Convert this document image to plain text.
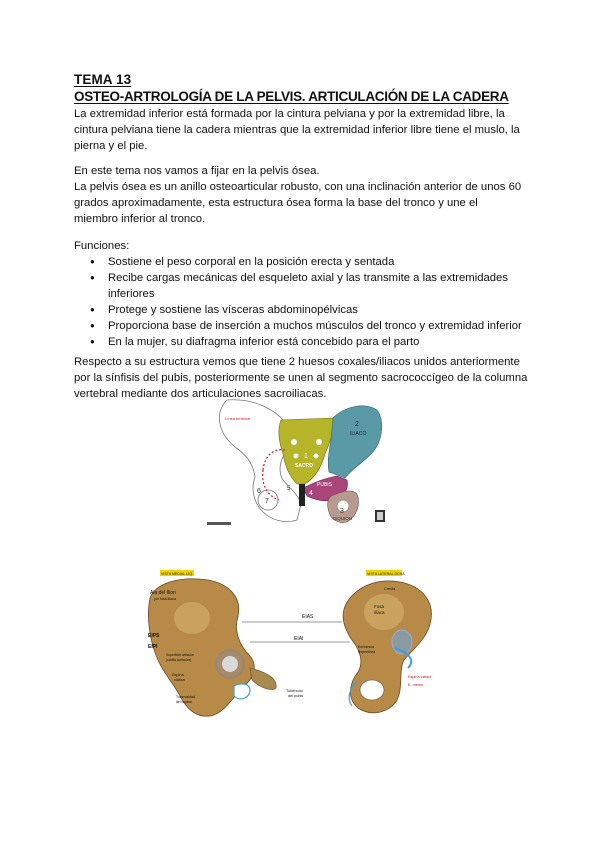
TEMA 13
OSTEO-ARTROLOGÍA DE LA PELVIS. ARTICULACIÓN DE LA CADERA
La extremidad inferior está formada por la cintura pelviana y por la extremidad libre, la cintura pelviana tiene la cadera mientras que la extremidad inferior libre tiene el muslo, la pierna y el pie.
En este tema nos vamos a fijar en la pelvis ósea.
La pelvis ósea es un anillo osteoarticular robusto, con una inclinación anterior de unos 60 grados aproximadamente, esta estructura ósea forma la base del tronco y une el miembro inferior al tronco.
Funciones:
● Sostiene el peso corporal en la posición erecta y sentada
● Recibe cargas mecánicas del esqueleto axial y las transmite a las extremidades inferiores
● Protege y sostiene las vísceras abdominopélvicas
● Proporciona base de inserción a muchos músculos del tronco y extremidad inferior
● En la mujer, su diafragma inferior está concebido para el parto
Respecto a su estructura vemos que tiene 2 huesos coxales/iliacos unidos anteriormente por la sínfisis del pubis, posteriormente se unen al segmento sacrococcígeo de la columna vertebral mediante dos articulaciones sacroiliacas.
Línea terminal
1
SACRO
2
ILIACO
PUBIS
4
3
ISQUION
6
7
5
VISTA MEDIAL IZQ.	VISTA LATERAL DCHA.
Ala del Ilion
por fosa ilíaca
EIPS
EIPI
Superficie articular
(carilla auricular)
Espina
ciática
Tuberosidad
del isquion
Tubérculo
del pubis
EIAS
EIAI
Cresta
Fosa
ilíaca
Eminencia
iliopectínea
Espina ciática
E. menor
